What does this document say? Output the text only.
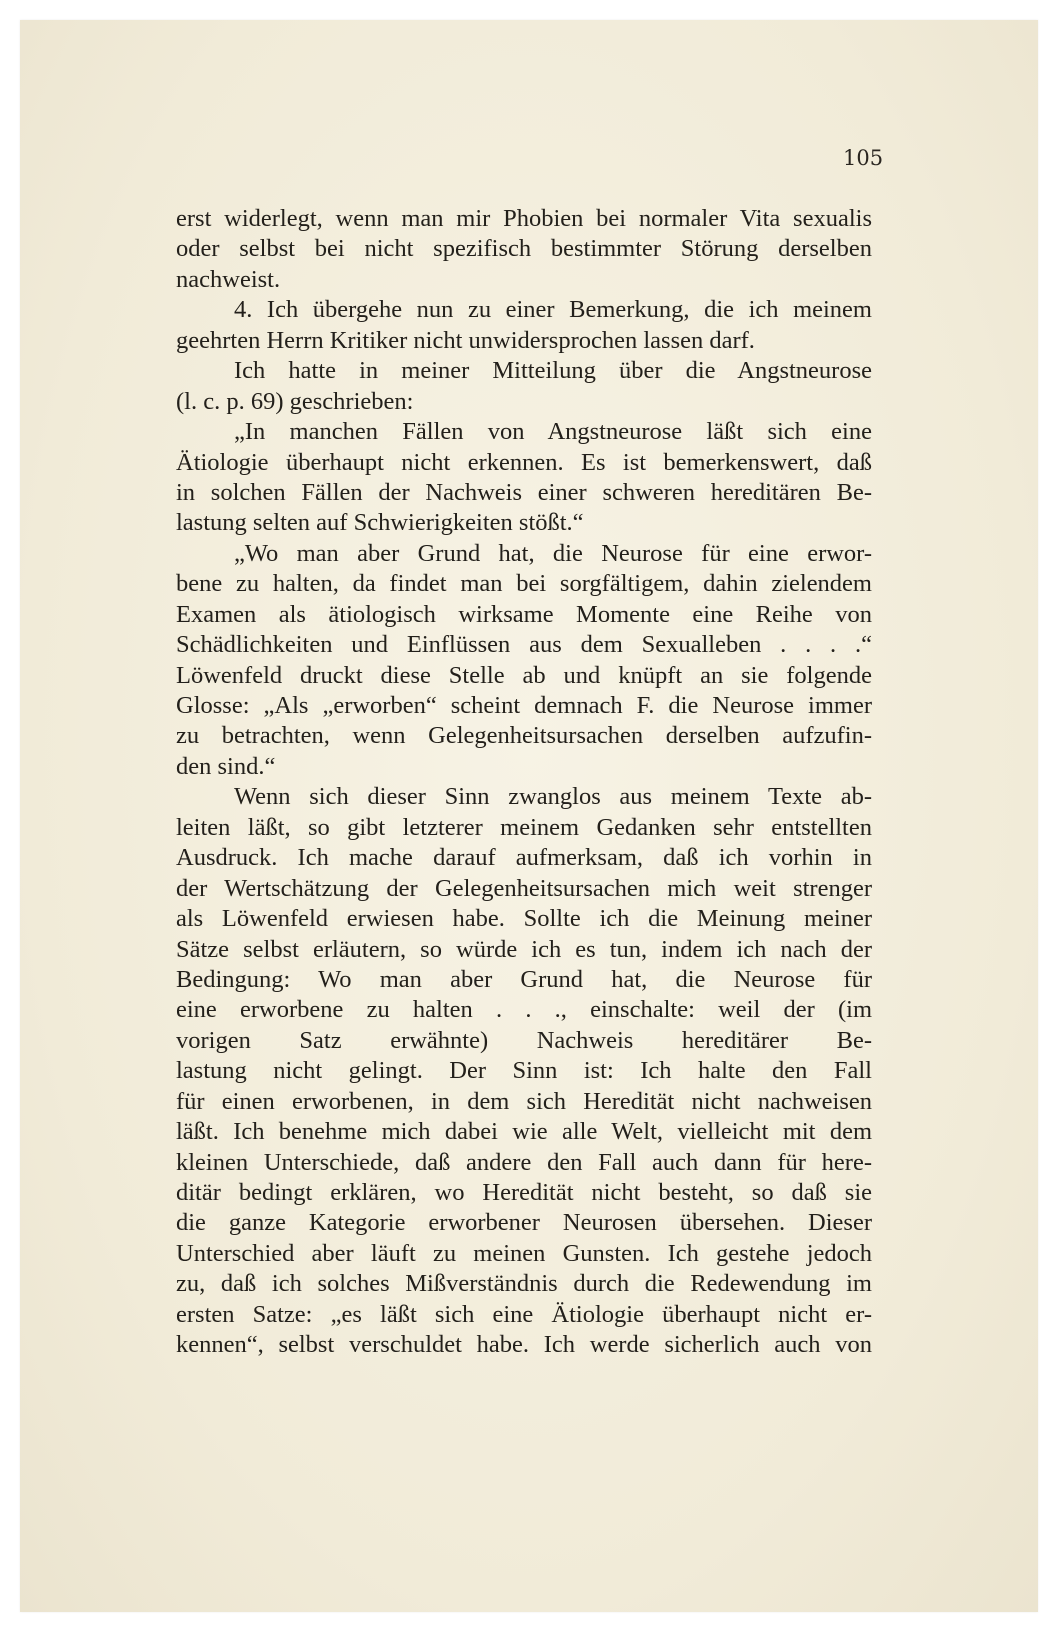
105

erst widerlegt, wenn man mir Phobien bei normaler Vita sexualis
oder selbst bei nicht spezifisch bestimmter Störung derselben
nachweist.
4. Ich übergehe nun zu einer Bemerkung, die ich meinem
geehrten Herrn Kritiker nicht unwidersprochen lassen darf.
Ich hatte in meiner Mitteilung über die Angstneurose
(l. c. p. 69) geschrieben:
„In manchen Fällen von Angstneurose läßt sich eine
Ätiologie überhaupt nicht erkennen. Es ist bemerkenswert, daß
in solchen Fällen der Nachweis einer schweren hereditären Be-
lastung selten auf Schwierigkeiten stößt.“
„Wo man aber Grund hat, die Neurose für eine erwor-
bene zu halten, da findet man bei sorgfältigem, dahin zielendem
Examen als ätiologisch wirksame Momente eine Reihe von
Schädlichkeiten und Einflüssen aus dem Sexualleben . . . .“
Löwenfeld druckt diese Stelle ab und knüpft an sie folgende
Glosse: „Als „erworben“ scheint demnach F. die Neurose immer
zu betrachten, wenn Gelegenheitsursachen derselben aufzufin-
den sind.“
Wenn sich dieser Sinn zwanglos aus meinem Texte ab-
leiten läßt, so gibt letzterer meinem Gedanken sehr entstellten
Ausdruck. Ich mache darauf aufmerksam, daß ich vorhin in
der Wertschätzung der Gelegenheitsursachen mich weit strenger
als Löwenfeld erwiesen habe. Sollte ich die Meinung meiner
Sätze selbst erläutern, so würde ich es tun, indem ich nach der
Bedingung: Wo man aber Grund hat, die Neurose für
eine erworbene zu halten . . ., einschalte: weil der (im
vorigen Satz erwähnte) Nachweis hereditärer Be-
lastung nicht gelingt. Der Sinn ist: Ich halte den Fall
für einen erworbenen, in dem sich Heredität nicht nachweisen
läßt. Ich benehme mich dabei wie alle Welt, vielleicht mit dem
kleinen Unterschiede, daß andere den Fall auch dann für here-
ditär bedingt erklären, wo Heredität nicht besteht, so daß sie
die ganze Kategorie erworbener Neurosen übersehen. Dieser
Unterschied aber läuft zu meinen Gunsten. Ich gestehe jedoch
zu, daß ich solches Mißverständnis durch die Redewendung im
ersten Satze: „es läßt sich eine Ätiologie überhaupt nicht er-
kennen“, selbst verschuldet habe. Ich werde sicherlich auch von
